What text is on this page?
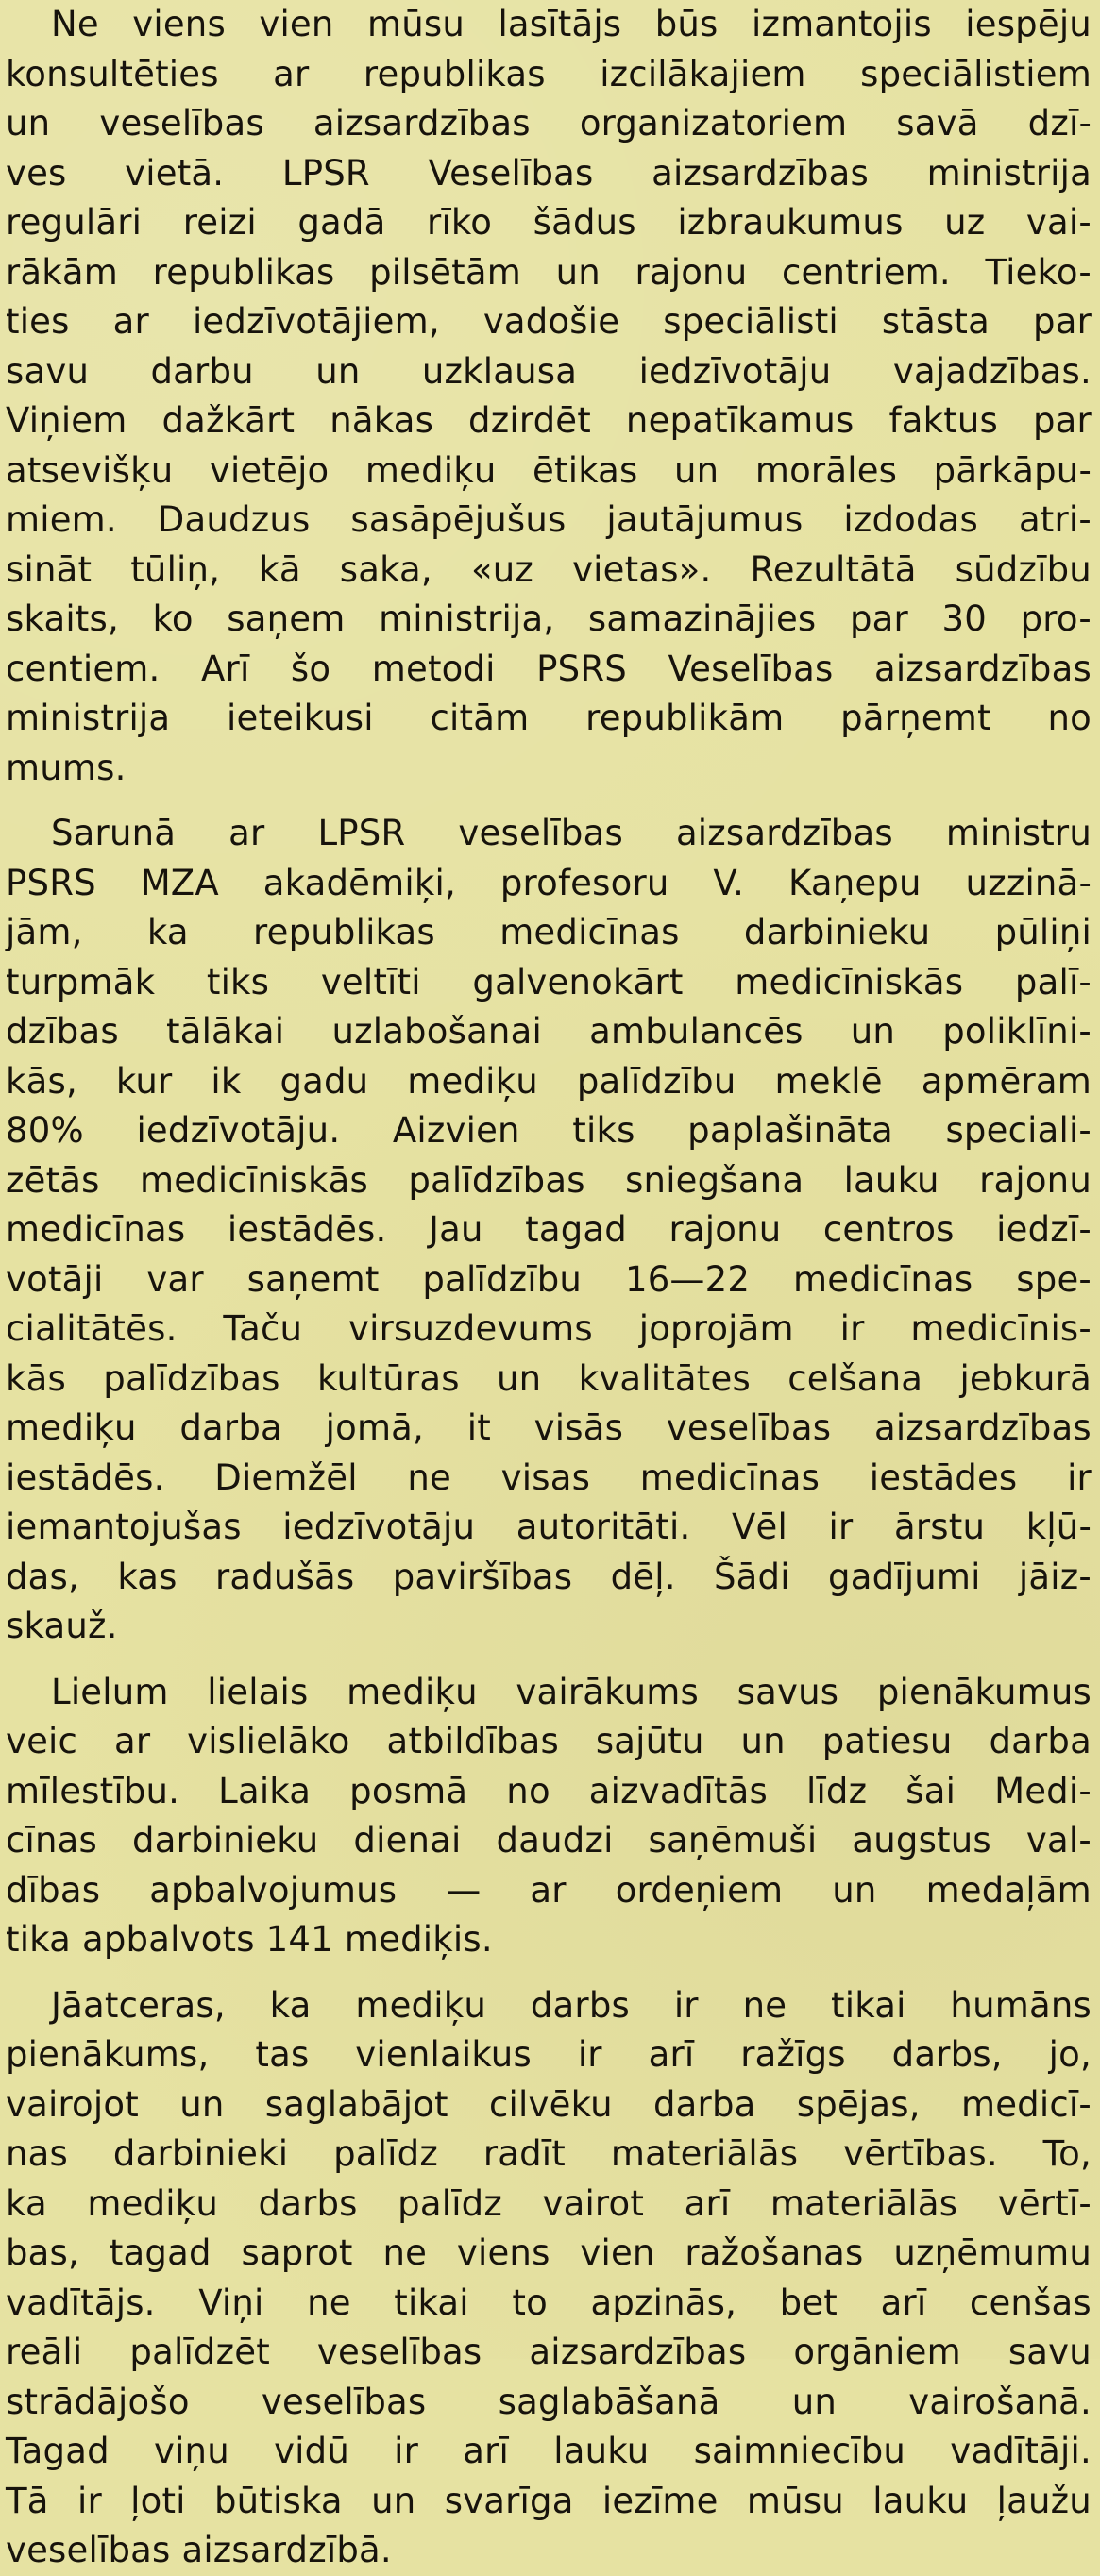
Ne viens vien mūsu lasītājs būs izmantojis iespēju
konsultēties ar republikas izcilākajiem speciālistiem
un veselības aizsardzības organizatoriem savā dzī-
ves vietā. LPSR Veselības aizsardzības ministrija
regulāri reizi gadā rīko šādus izbraukumus uz vai-
rākām republikas pilsētām un rajonu centriem. Tieko-
ties ar iedzīvotājiem, vadošie speciālisti stāsta par
savu darbu un uzklausa iedzīvotāju vajadzības.
Viņiem dažkārt nākas dzirdēt nepatīkamus faktus par
atsevišķu vietējo mediķu ētikas un morāles pārkāpu-
miem. Daudzus sasāpējušus jautājumus izdodas atri-
sināt tūliņ, kā saka, «uz vietas». Rezultātā sūdzību
skaits, ko saņem ministrija, samazinājies par 30 pro-
centiem. Arī šo metodi PSRS Veselības aizsardzības
ministrija ieteikusi citām republikām pārņemt no
mums.
Sarunā ar LPSR veselības aizsardzības ministru
PSRS MZA akadēmiķi, profesoru V. Kaņepu uzzinā-
jām, ka republikas medicīnas darbinieku pūliņi
turpmāk tiks veltīti galvenokārt medicīniskās palī-
dzības tālākai uzlabošanai ambulancēs un poliklīni-
kās, kur ik gadu mediķu palīdzību meklē apmēram
80% iedzīvotāju. Aizvien tiks paplašināta speciali-
zētās medicīniskās palīdzības sniegšana lauku rajonu
medicīnas iestādēs. Jau tagad rajonu centros iedzī-
votāji var saņemt palīdzību 16—22 medicīnas spe-
cialitātēs. Taču virsuzdevums joprojām ir medicīnis-
kās palīdzības kultūras un kvalitātes celšana jebkurā
mediķu darba jomā, it visās veselības aizsardzības
iestādēs. Diemžēl ne visas medicīnas iestādes ir
iemantojušas iedzīvotāju autoritāti. Vēl ir ārstu kļū-
das, kas radušās paviršības dēļ. Šādi gadījumi jāiz-
skauž.
Lielum lielais mediķu vairākums savus pienākumus
veic ar vislielāko atbildības sajūtu un patiesu darba
mīlestību. Laika posmā no aizvadītās līdz šai Medi-
cīnas darbinieku dienai daudzi saņēmuši augstus val-
dības apbalvojumus — ar ordeņiem un medaļām
tika apbalvots 141 mediķis.
Jāatceras, ka mediķu darbs ir ne tikai humāns
pienākums, tas vienlaikus ir arī ražīgs darbs, jo,
vairojot un saglabājot cilvēku darba spējas, medicī-
nas darbinieki palīdz radīt materiālās vērtības. To,
ka mediķu darbs palīdz vairot arī materiālās vērtī-
bas, tagad saprot ne viens vien ražošanas uzņēmumu
vadītājs. Viņi ne tikai to apzinās, bet arī cenšas
reāli palīdzēt veselības aizsardzības orgāniem savu
strādājošo veselības saglabāšanā un vairošanā.
Tagad viņu vidū ir arī lauku saimniecību vadītāji.
Tā ir ļoti būtiska un svarīga iezīme mūsu lauku ļaužu
veselības aizsardzībā.
